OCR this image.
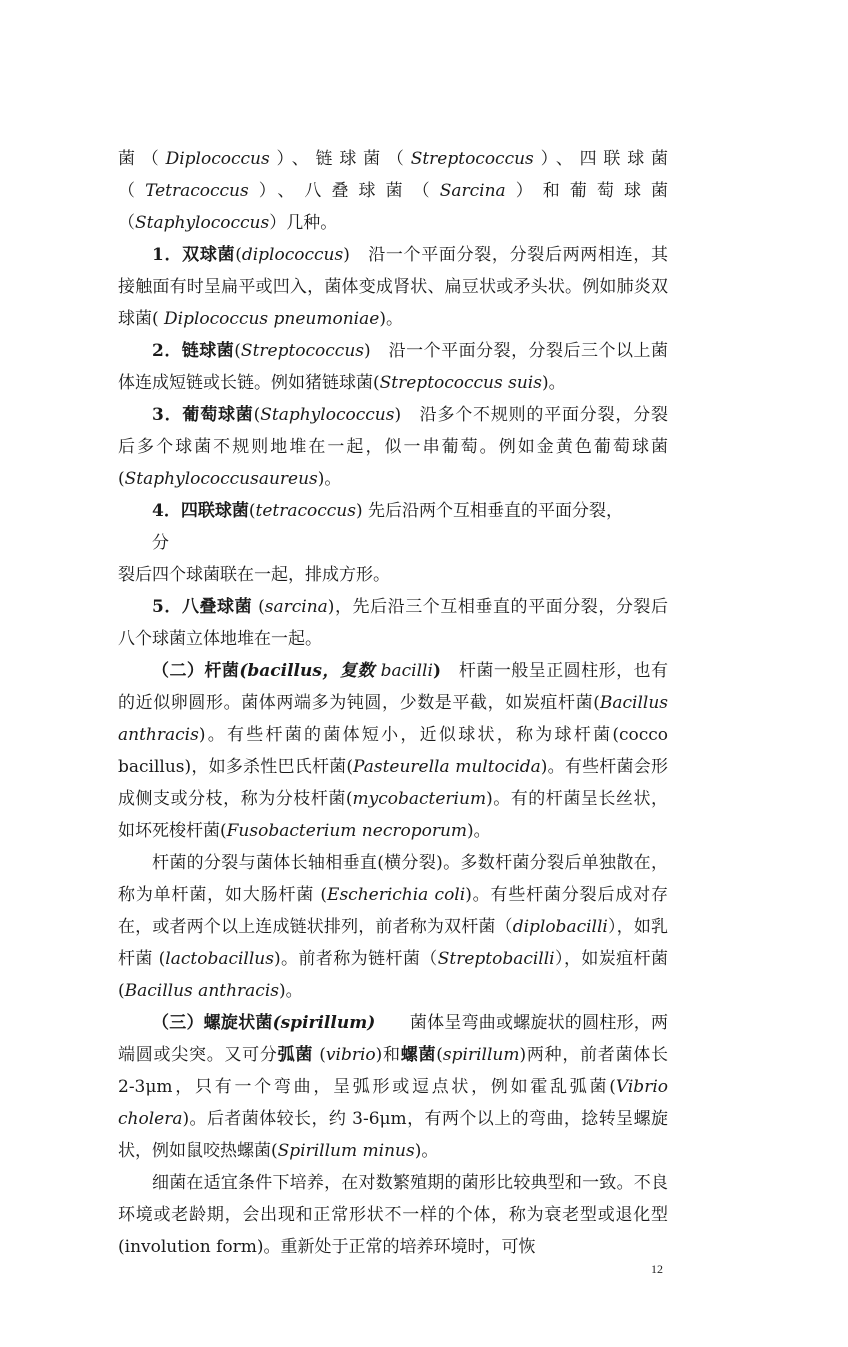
菌（Diplococcus）、链球菌（Streptococcus）、四联球菌（Tetracoccus）、八叠球菌（Sarcina）和葡萄球菌（Staphylococcus）几种。

1．双球菌(diplococcus)　沿一个平面分裂，分裂后两两相连，其接触面有时呈扁平或凹入，菌体变成肾状、扁豆状或矛头状。例如肺炎双球菌( Diplococcus pneumoniae)。

2．链球菌(Streptococcus)　沿一个平面分裂，分裂后三个以上菌体连成短链或长链。例如猪链球菌(Streptococcus suis)。

3．葡萄球菌(Staphylococcus)　沿多个不规则的平面分裂，分裂后多个球菌不规则地堆在一起，似一串葡萄。例如金黄色葡萄球菌(Staphylococcusaureus)。

4．四联球菌(tetracoccus) 先后沿两个互相垂直的平面分裂，

分

裂后四个球菌联在一起，排成方形。

5．八叠球菌 (sarcina)，先后沿三个互相垂直的平面分裂，分裂后八个球菌立体地堆在一起。

（二）杆菌(bacillus，复数 bacilli)　杆菌一般呈正圆柱形，也有的近似卵圆形。菌体两端多为钝圆，少数是平截，如炭疽杆菌(Bacillus anthracis)。有些杆菌的菌体短小，近似球状，称为球杆菌(cocco bacillus)，如多杀性巴氏杆菌(Pasteurella multocida)。有些杆菌会形成侧支或分枝，称为分枝杆菌(mycobacterium)。有的杆菌呈长丝状，如坏死梭杆菌(Fusobacterium necroporum)。

杆菌的分裂与菌体长轴相垂直(横分裂)。多数杆菌分裂后单独散在，称为单杆菌，如大肠杆菌 (Escherichia coli)。有些杆菌分裂后成对存在，或者两个以上连成链状排列，前者称为双杆菌（diplobacilli），如乳杆菌 (lactobacillus)。前者称为链杆菌（Streptobacilli），如炭疽杆菌(Bacillus anthracis)。

（三）螺旋状菌(spirillum)　　菌体呈弯曲或螺旋状的圆柱形，两端圆或尖突。又可分弧菌 (vibrio)和螺菌(spirillum)两种，前者菌体长 2-3μm，只有一个弯曲，呈弧形或逗点状，例如霍乱弧菌(Vibrio cholera)。后者菌体较长，约 3-6μm，有两个以上的弯曲，捻转呈螺旋状，例如鼠咬热螺菌(Spirillum minus)。

细菌在适宜条件下培养，在对数繁殖期的菌形比较典型和一致。不良环境或老龄期，会出现和正常形状不一样的个体，称为衰老型或退化型(involution form)。重新处于正常的培养环境时，可恢

12
